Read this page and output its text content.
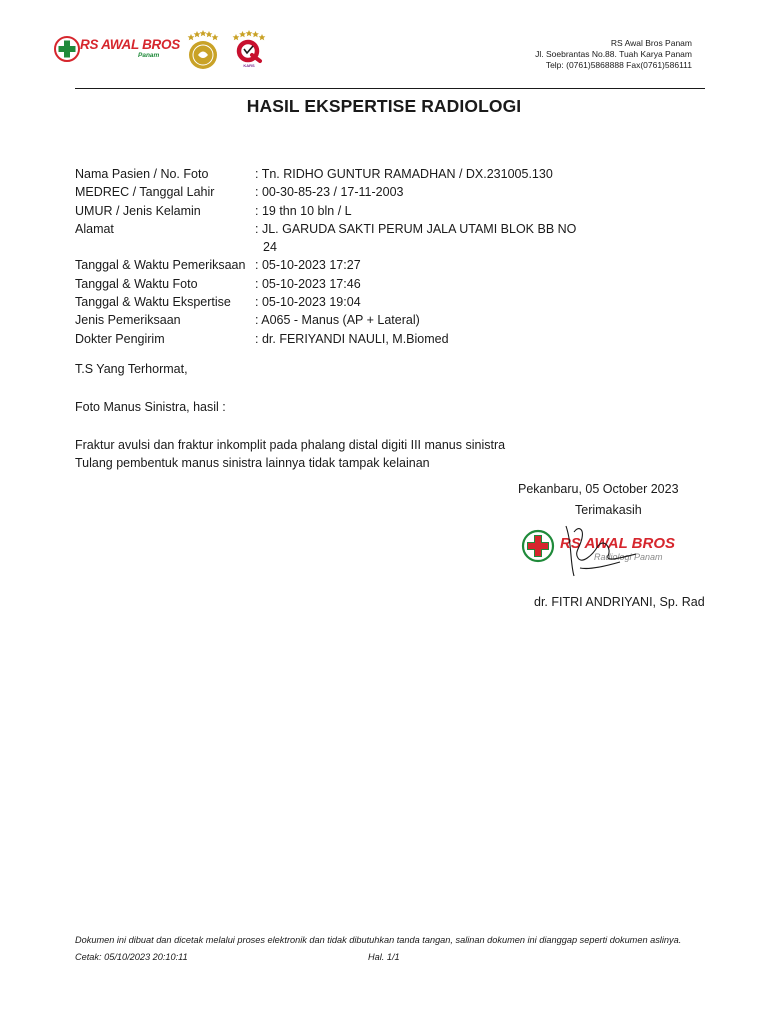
RS AWAL BROS
Panam
KARS
RS Awal Bros Panam
Jl. Soebrantas No.88. Tuah Karya Panam
Telp: (0761)5868888 Fax(0761)586111
HASIL EKSPERTISE RADIOLOGI
Nama Pasien / No. Foto	: Tn. RIDHO GUNTUR RAMADHAN / DX.231005.130
MEDREC / Tanggal Lahir	: 00-30-85-23 / 17-11-2003
UMUR / Jenis Kelamin	: 19 thn 10 bln / L
Alamat	: JL. GARUDA SAKTI PERUM JALA UTAMI BLOK BB NO
24
Tanggal & Waktu Pemeriksaan : 05-10-2023 17:27
Tanggal & Waktu Foto	: 05-10-2023 17:46
Tanggal & Waktu Ekspertise	: 05-10-2023 19:04
Jenis Pemeriksaan	: A065 - Manus (AP + Lateral)
Dokter Pengirim	: dr. FERIYANDI NAULI, M.Biomed
T.S Yang Terhormat,
Foto Manus Sinistra, hasil :
Fraktur avulsi dan fraktur inkomplit pada phalang distal digiti III manus sinistra
Tulang pembentuk manus sinistra lainnya tidak tampak kelainan
Pekanbaru, 05 October 2023
Terimakasih
RS AWAL BROS
Radiologi Panam
dr. FITRI ANDRIYANI, Sp. Rad
Dokumen ini dibuat dan dicetak melalui proses elektronik dan tidak dibutuhkan tanda tangan, salinan dokumen ini dianggap seperti dokumen aslinya.
Cetak: 05/10/2023 20:10:11	Hal. 1/1
